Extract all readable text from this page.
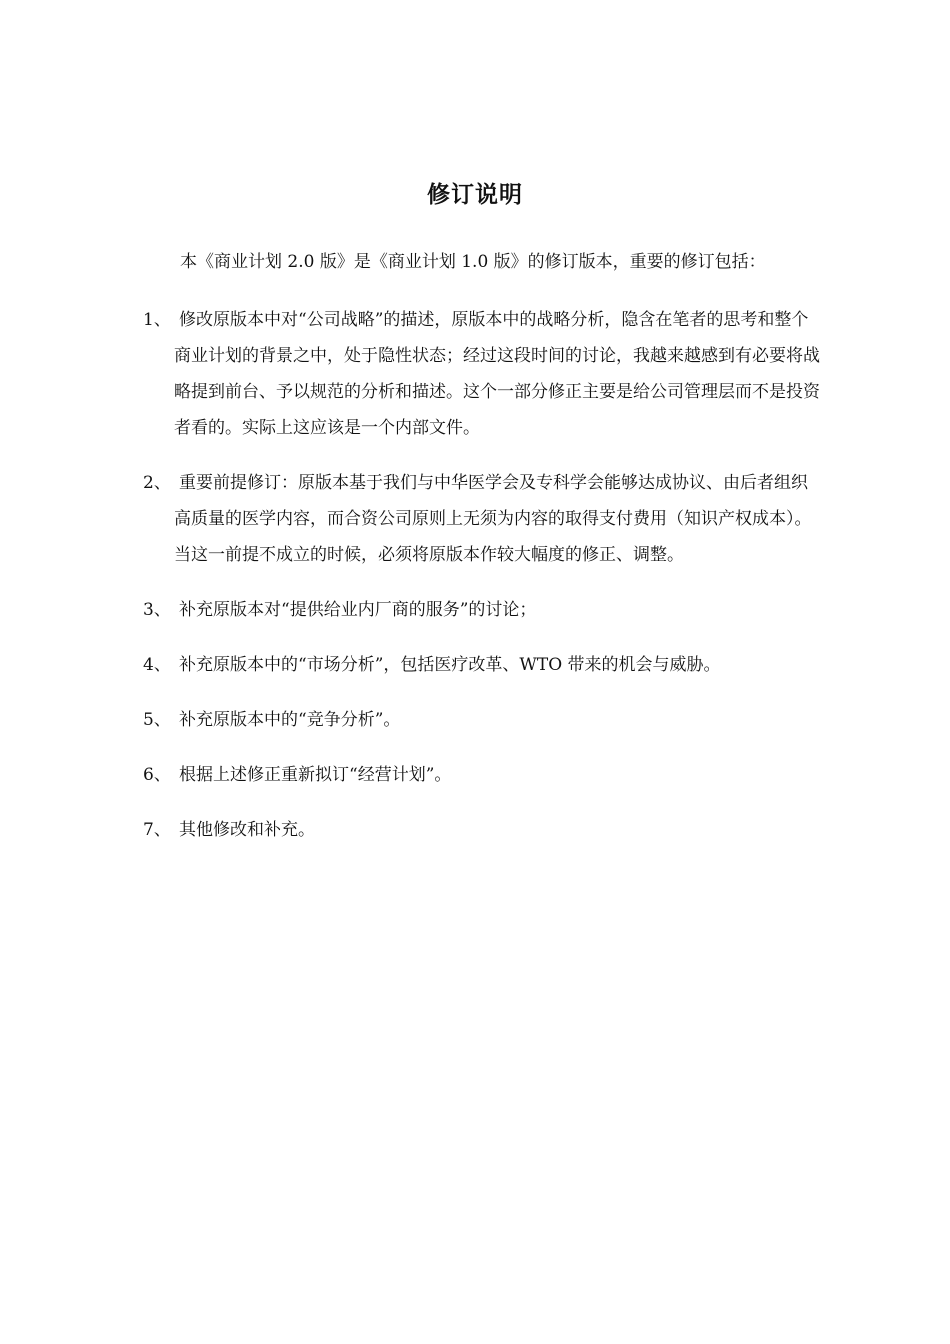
修订说明
本《商业计划 2.0 版》是《商业计划 1.0 版》的修订版本，重要的修订包括：
1、 修改原版本中对“公司战略”的描述，原版本中的战略分析，隐含在笔者的思考和整个商业计划的背景之中，处于隐性状态；经过这段时间的讨论，我越来越感到有必要将战略提到前台、予以规范的分析和描述。这个一部分修正主要是给公司管理层而不是投资者看的。实际上这应该是一个内部文件。
2、 重要前提修订：原版本基于我们与中华医学会及专科学会能够达成协议、由后者组织高质量的医学内容，而合资公司原则上无须为内容的取得支付费用（知识产权成本）。当这一前提不成立的时候，必须将原版本作较大幅度的修正、调整。
3、 补充原版本对“提供给业内厂商的服务”的讨论；
4、 补充原版本中的“市场分析”，包括医疗改革、WTO 带来的机会与威胁。
5、 补充原版本中的“竞争分析”。
6、 根据上述修正重新拟订“经营计划”。
7、 其他修改和补充。
